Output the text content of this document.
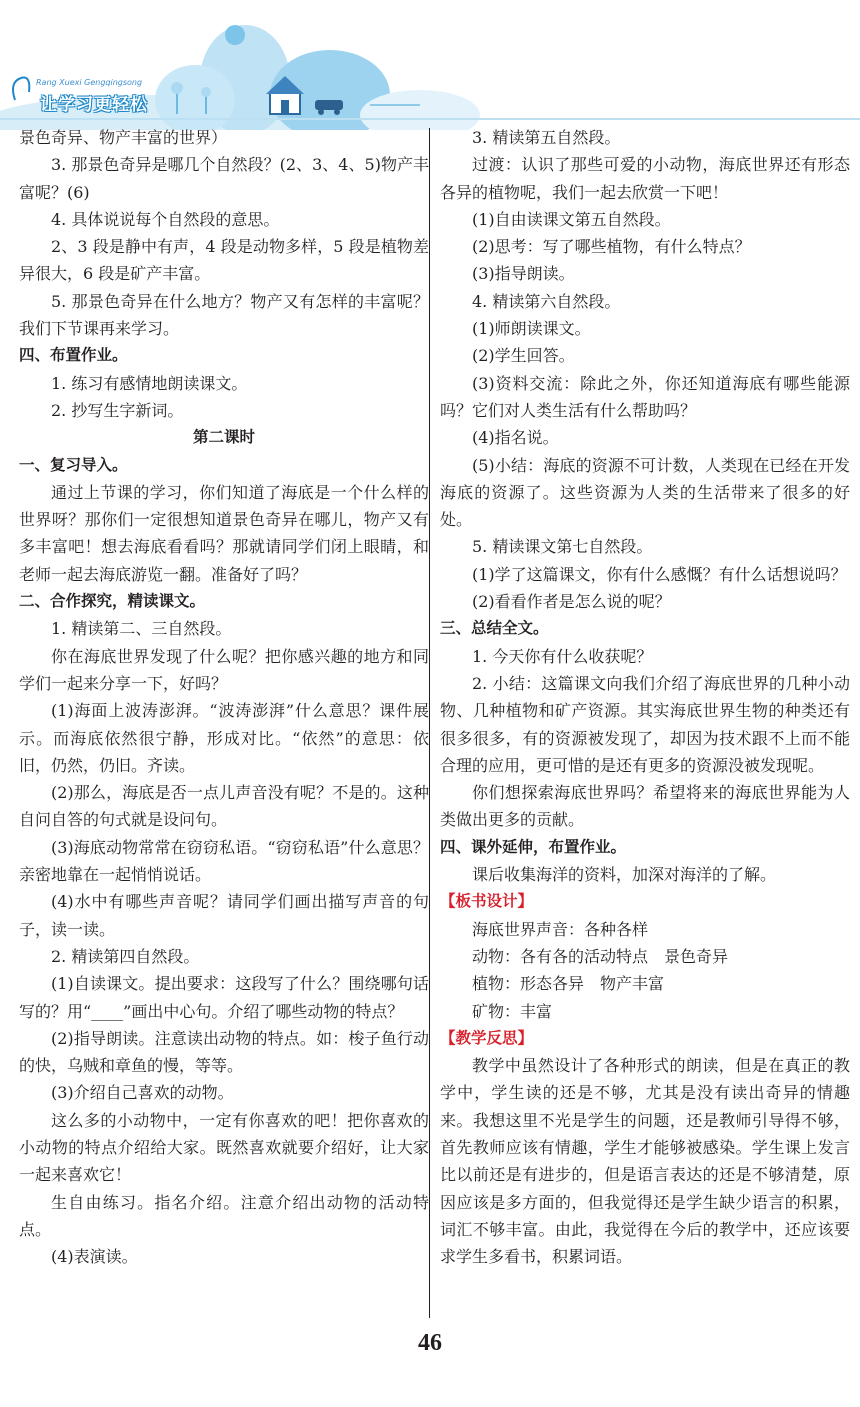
Rang Xuexi Gengqingsong
让学习更轻松

景色奇异、物产丰富的世界）

3. 那景色奇异是哪几个自然段？(2、3、4、5)物产丰富呢？(6)

4. 具体说说每个自然段的意思。

2、3 段是静中有声，4 段是动物多样，5 段是植物差异很大，6 段是矿产丰富。

5. 那景色奇异在什么地方？物产又有怎样的丰富呢？我们下节课再来学习。

四、布置作业。

1. 练习有感情地朗读课文。

2. 抄写生字新词。

第二课时

一、复习导入。

通过上节课的学习，你们知道了海底是一个什么样的世界呀？那你们一定很想知道景色奇异在哪儿，物产又有多丰富吧！想去海底看看吗？那就请同学们闭上眼睛，和老师一起去海底游览一翻。准备好了吗？

二、合作探究，精读课文。

1. 精读第二、三自然段。

你在海底世界发现了什么呢？把你感兴趣的地方和同学们一起来分享一下，好吗？

(1)海面上波涛澎湃。“波涛澎湃”什么意思？课件展示。而海底依然很宁静，形成对比。“依然”的意思：依旧，仍然，仍旧。齐读。

(2)那么，海底是否一点儿声音没有呢？不是的。这种自问自答的句式就是设问句。

(3)海底动物常常在窃窃私语。“窃窃私语”什么意思？亲密地靠在一起悄悄说话。

(4)水中有哪些声音呢？请同学们画出描写声音的句子，读一读。

2. 精读第四自然段。

(1)自读课文。提出要求：这段写了什么？围绕哪句话写的？用“____”画出中心句。介绍了哪些动物的特点？

(2)指导朗读。注意读出动物的特点。如：梭子鱼行动的快，乌贼和章鱼的慢，等等。

(3)介绍自己喜欢的动物。

这么多的小动物中，一定有你喜欢的吧！把你喜欢的小动物的特点介绍给大家。既然喜欢就要介绍好，让大家一起来喜欢它！

生自由练习。指名介绍。注意介绍出动物的活动特点。

(4)表演读。

3. 精读第五自然段。

过渡：认识了那些可爱的小动物，海底世界还有形态各异的植物呢，我们一起去欣赏一下吧！

(1)自由读课文第五自然段。

(2)思考：写了哪些植物，有什么特点？

(3)指导朗读。

4. 精读第六自然段。

(1)师朗读课文。

(2)学生回答。

(3)资料交流：除此之外，你还知道海底有哪些能源吗？它们对人类生活有什么帮助吗？

(4)指名说。

(5)小结：海底的资源不可计数，人类现在已经在开发海底的资源了。这些资源为人类的生活带来了很多的好处。

5. 精读课文第七自然段。

(1)学了这篇课文，你有什么感慨？有什么话想说吗？

(2)看看作者是怎么说的呢？

三、总结全文。

1. 今天你有什么收获呢？

2. 小结：这篇课文向我们介绍了海底世界的几种小动物、几种植物和矿产资源。其实海底世界生物的种类还有很多很多，有的资源被发现了，却因为技术跟不上而不能合理的应用，更可惜的是还有更多的资源没被发现呢。

你们想探索海底世界吗？希望将来的海底世界能为人类做出更多的贡献。

四、课外延伸，布置作业。

课后收集海洋的资料，加深对海洋的了解。

【板书设计】

海底世界声音：各种各样

动物：各有各的活动特点　景色奇异

植物：形态各异　物产丰富

矿物：丰富

【教学反思】

教学中虽然设计了各种形式的朗读，但是在真正的教学中，学生读的还是不够，尤其是没有读出奇异的情趣来。我想这里不光是学生的问题，还是教师引导得不够，首先教师应该有情趣，学生才能够被感染。学生课上发言比以前还是有进步的，但是语言表达的还是不够清楚，原因应该是多方面的，但我觉得还是学生缺少语言的积累，词汇不够丰富。由此，我觉得在今后的教学中，还应该要求学生多看书，积累词语。

46
